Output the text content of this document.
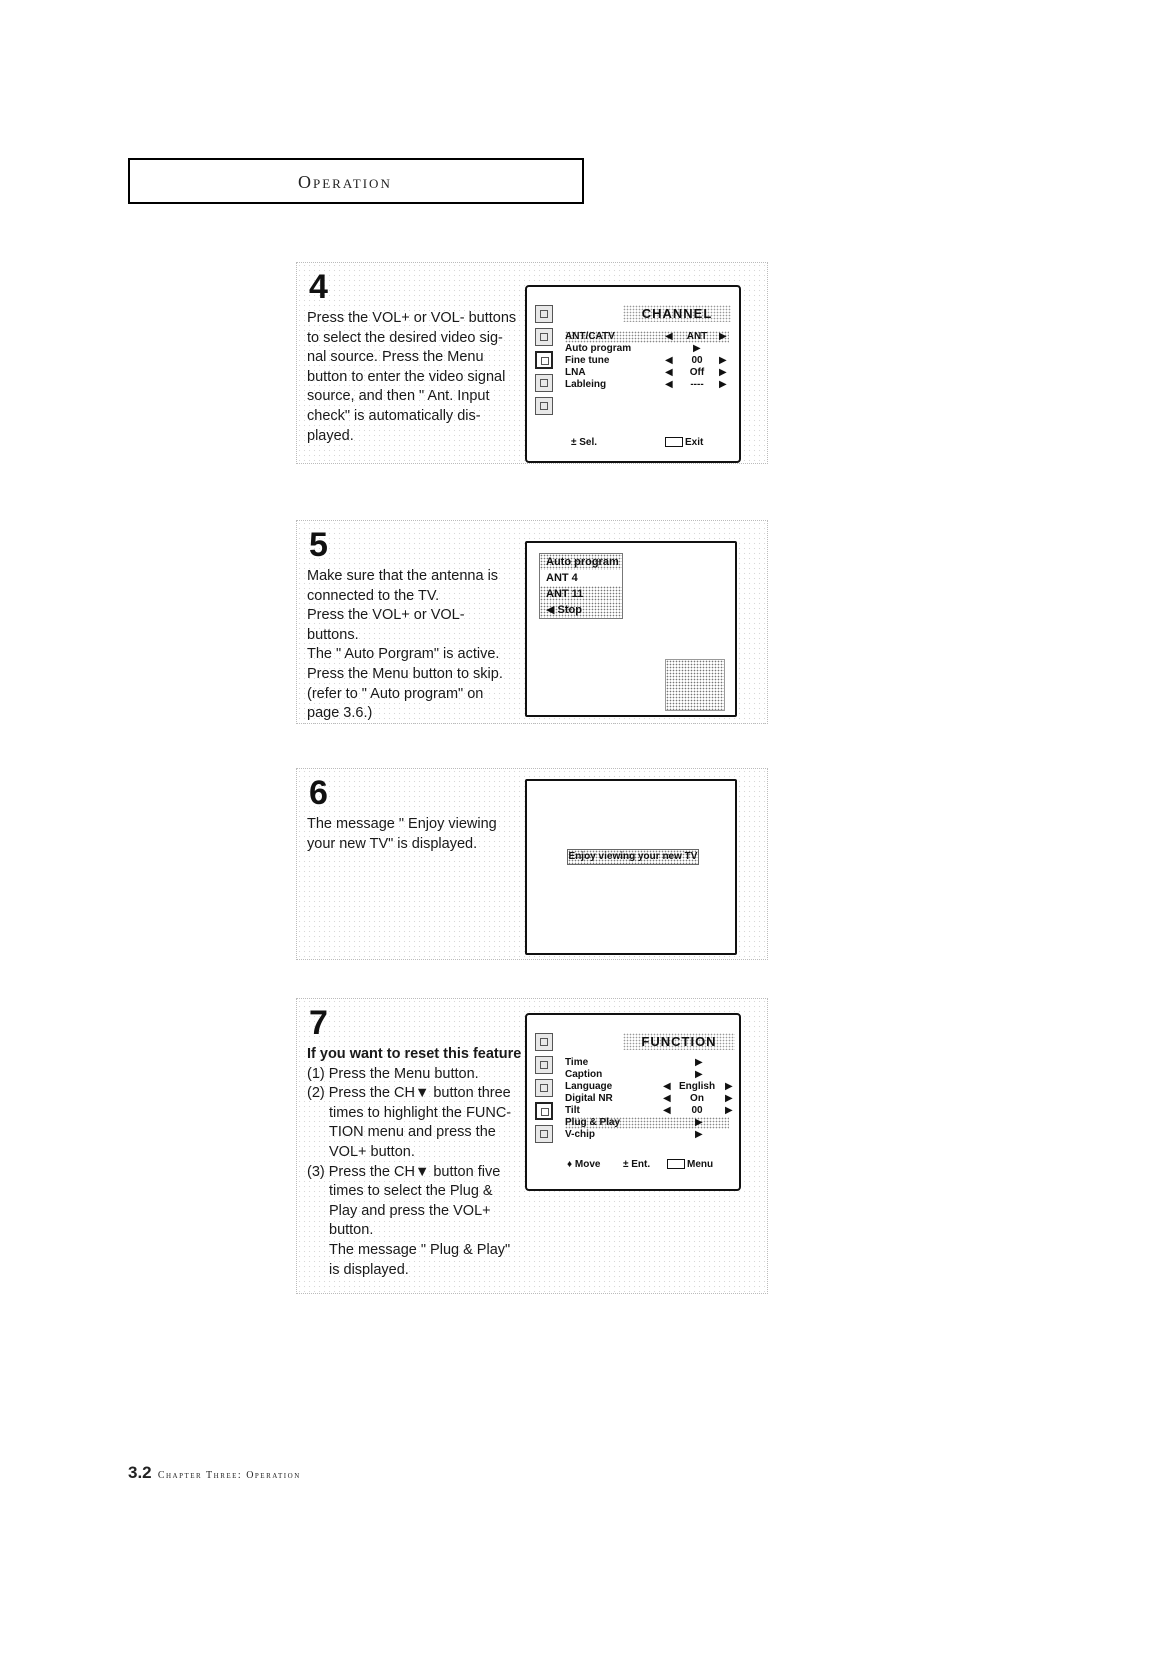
Operation
4

Press the VOL+ or VOL- buttons

to select the desired video sig-

nal source. Press the Menu

button to enter the video signal

source, and then " Ant. Input

check" is automatically dis-

played.

CHANNEL
ANT/CATV	◀	ANT	▶
Auto program	▶
Fine tune	◀	00	▶
LNA	◀	Off	▶
Lableing	◀	----	▶
± Sel.	Exit
5

Make sure that the antenna is

connected to the TV.

Press the VOL+ or VOL- buttons.

The " Auto Porgram" is active.

Press the Menu button to skip.

(refer to " Auto program" on

page 3.6.)

Auto program
ANT 4
ANT 11
◀ Stop
6

The message " Enjoy viewing

your new TV" is displayed.

Enjoy viewing your new TV
7

If you want to reset this feature

(1) Press the Menu button.

(2) Press the CH▼ button three

times to highlight the FUNC-

TION menu and press the

VOL+ button.

(3) Press the CH▼ button five

times to select the Plug &

Play and press the VOL+

button.

The message " Plug & Play"

is displayed.

FUNCTION
Time	▶
Caption	▶
Language	◀ English ▶
Digital NR	◀	On	▶
Tilt	◀	00	▶
Plug & Play	▶
V-chip	▶
♦ Move ± Ent.	Menu
3.2 Chapter Three: Operation
